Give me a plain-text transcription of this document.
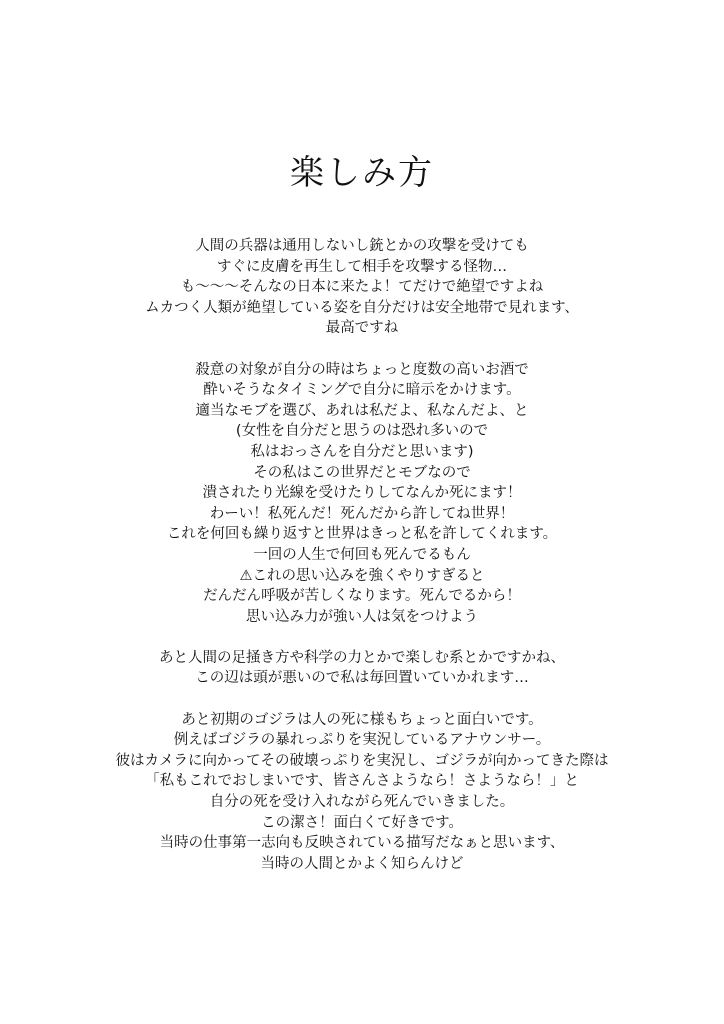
楽しみ方
人間の兵器は通用しないし銃とかの攻撃を受けても
すぐに皮膚を再生して相手を攻撃する怪物…
も〜〜〜そんなの日本に来たよ！てだけで絶望ですよね
ムカつく人類が絶望している姿を自分だけは安全地帯で見れます、
最高ですね
殺意の対象が自分の時はちょっと度数の高いお酒で
酔いそうなタイミングで自分に暗示をかけます。
適当なモブを選び、あれは私だよ、私なんだよ、と
(女性を自分だと思うのは恐れ多いので
私はおっさんを自分だと思います)
その私はこの世界だとモブなので
潰されたり光線を受けたりしてなんか死にます！
わーい！私死んだ！死んだから許してね世界！
これを何回も繰り返すと世界はきっと私を許してくれます。
一回の人生で何回も死んでるもん
⚠これの思い込みを強くやりすぎると
だんだん呼吸が苦しくなります。死んでるから！
思い込み力が強い人は気をつけよう
あと人間の足掻き方や科学の力とかで楽しむ系とかですかね、
この辺は頭が悪いので私は毎回置いていかれます…
あと初期のゴジラは人の死に様もちょっと面白いです。
例えばゴジラの暴れっぷりを実況しているアナウンサー。
彼はカメラに向かってその破壊っぷりを実況し、ゴジラが向かってきた際は
「私もこれでおしまいです、皆さんさようなら！さようなら！」と
自分の死を受け入れながら死んでいきました。
この潔さ！面白くて好きです。
当時の仕事第一志向も反映されている描写だなぁと思います、
当時の人間とかよく知らんけど
